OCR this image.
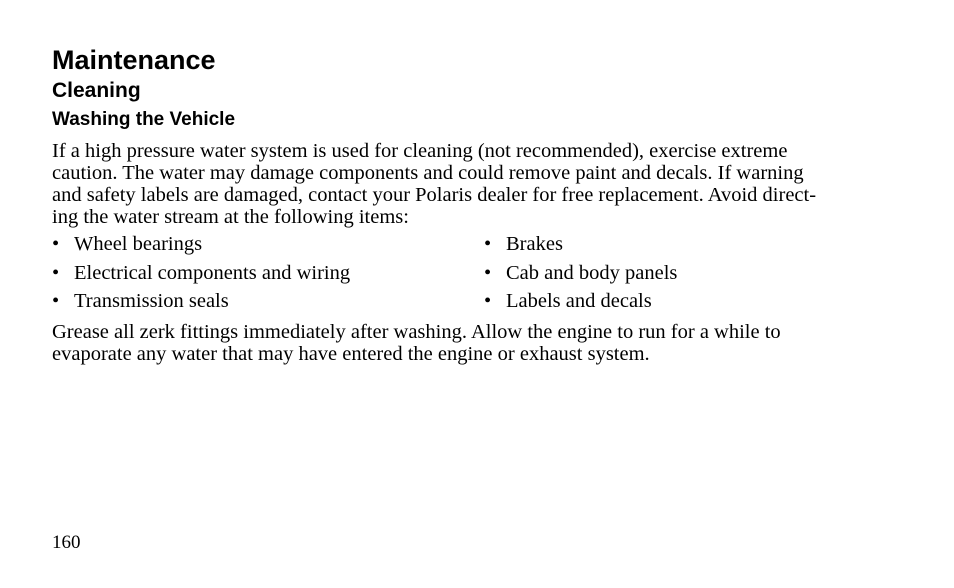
Maintenance
Cleaning
Washing the Vehicle

If a high pressure water system is used for cleaning (not recommended), exercise extreme
caution. The water may damage components and could remove paint and decals. If warning
and safety labels are damaged, contact your Polaris dealer for free replacement. Avoid direct-
ing the water stream at the following items:

• Wheel bearings	• Brakes
• Electrical components and wiring	• Cab and body panels
• Transmission seals	• Labels and decals

Grease all zerk fittings immediately after washing. Allow the engine to run for a while to
evaporate any water that may have entered the engine or exhaust system.

160
